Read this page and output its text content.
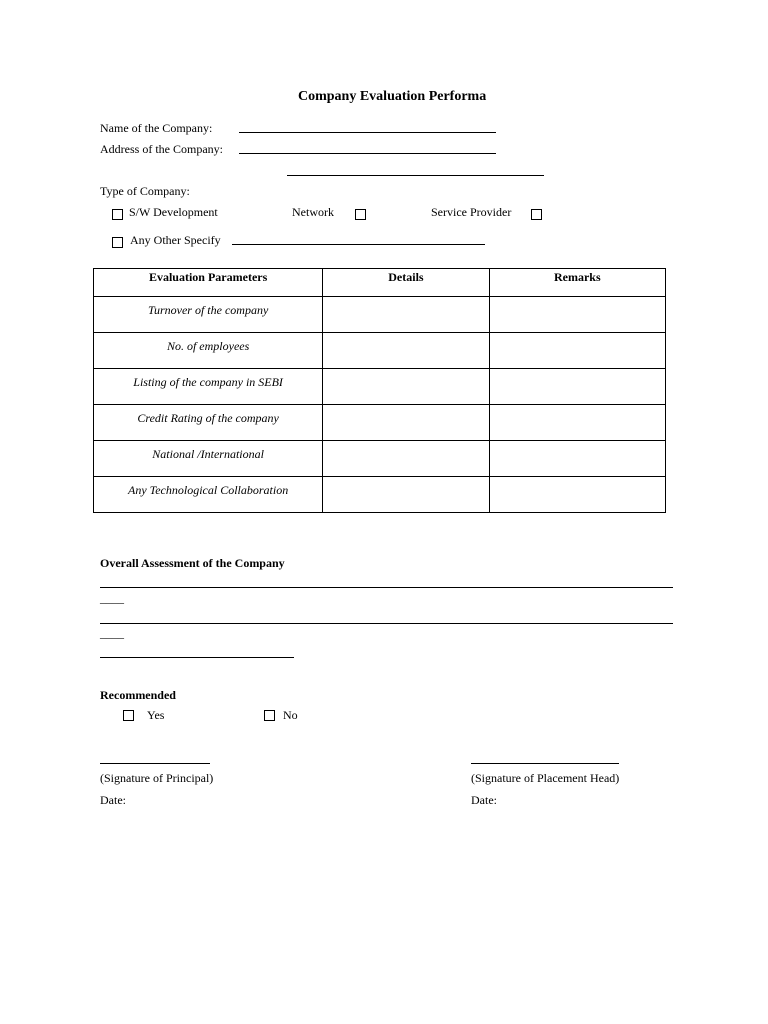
Company Evaluation Performa
Name of the Company:
Address of the Company:
Type of Company:
S/W Development	Network	Service Provider
Any Other Specify
Evaluation Parameters	Details	Remarks
Turnover of the company		
No. of employees		
Listing of the company in SEBI		
Credit Rating of the company		
National /International		
Any Technological Collaboration		
Overall Assessment of the Company
____
____
Recommended
Yes	No
(Signature of Principal)
Date:
(Signature of Placement Head)
Date:
